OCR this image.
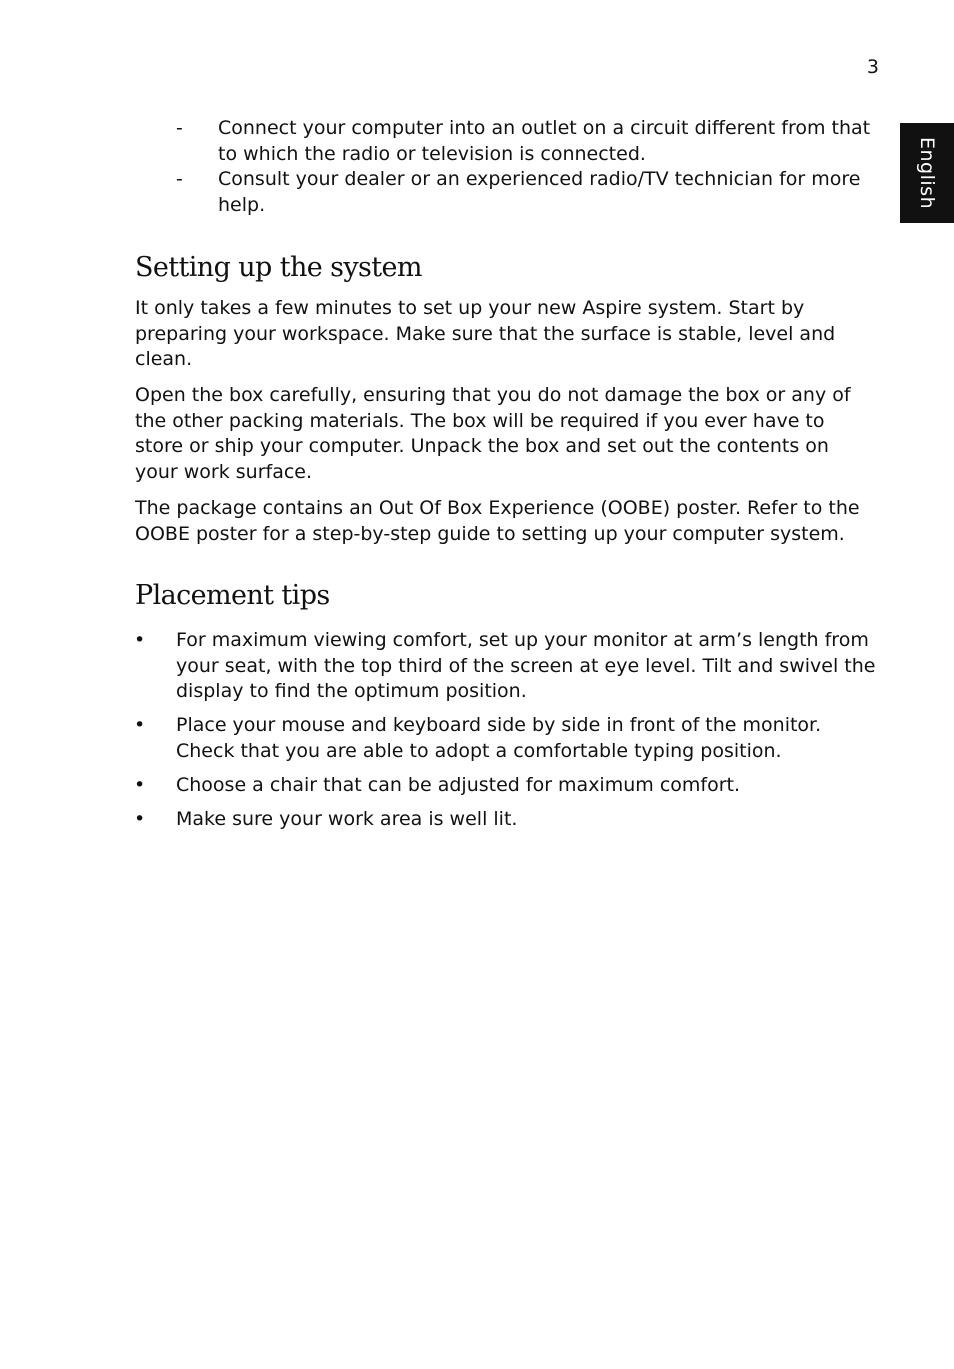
3
English
- Connect your computer into an outlet on a circuit different from that to which the radio or television is connected.
- Consult your dealer or an experienced radio/TV technician for more help.
Setting up the system

It only takes a few minutes to set up your new Aspire system. Start by preparing your workspace. Make sure that the surface is stable, level and clean.

Open the box carefully, ensuring that you do not damage the box or any of the other packing materials. The box will be required if you ever have to store or ship your computer. Unpack the box and set out the contents on your work surface.

The package contains an Out Of Box Experience (OOBE) poster. Refer to the OOBE poster for a step-by-step guide to setting up your computer system.

Placement tips
• For maximum viewing comfort, set up your monitor at arm’s length from your seat, with the top third of the screen at eye level. Tilt and swivel the display to find the optimum position.
• Place your mouse and keyboard side by side in front of the monitor. Check that you are able to adopt a comfortable typing position.
• Choose a chair that can be adjusted for maximum comfort.
• Make sure your work area is well lit.
